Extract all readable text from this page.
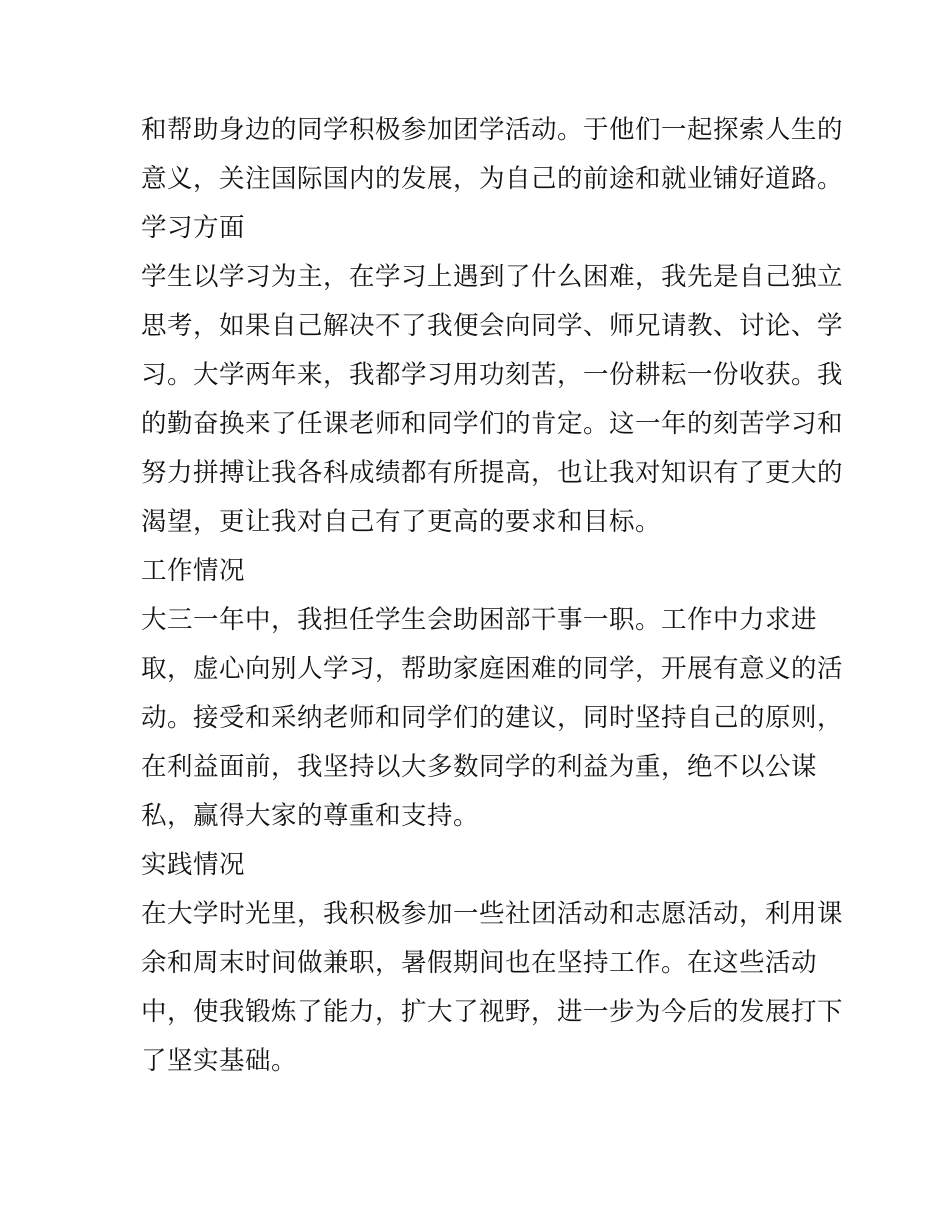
和帮助身边的同学积极参加团学活动。于他们一起探索人生的
意义，关注国际国内的发展，为自己的前途和就业铺好道路。
学习方面
学生以学习为主，在学习上遇到了什么困难，我先是自己独立
思考，如果自己解决不了我便会向同学、师兄请教、讨论、学
习。大学两年来，我都学习用功刻苦，一份耕耘一份收获。我
的勤奋换来了任课老师和同学们的肯定。这一年的刻苦学习和
努力拼搏让我各科成绩都有所提高，也让我对知识有了更大的
渴望，更让我对自己有了更高的要求和目标。
工作情况
大三一年中，我担任学生会助困部干事一职。工作中力求进
取，虚心向别人学习，帮助家庭困难的同学，开展有意义的活
动。接受和采纳老师和同学们的建议，同时坚持自己的原则，
在利益面前，我坚持以大多数同学的利益为重，绝不以公谋
私，赢得大家的尊重和支持。
实践情况
在大学时光里，我积极参加一些社团活动和志愿活动，利用课
余和周末时间做兼职，暑假期间也在坚持工作。在这些活动
中，使我锻炼了能力，扩大了视野，进一步为今后的发展打下
了坚实基础。
